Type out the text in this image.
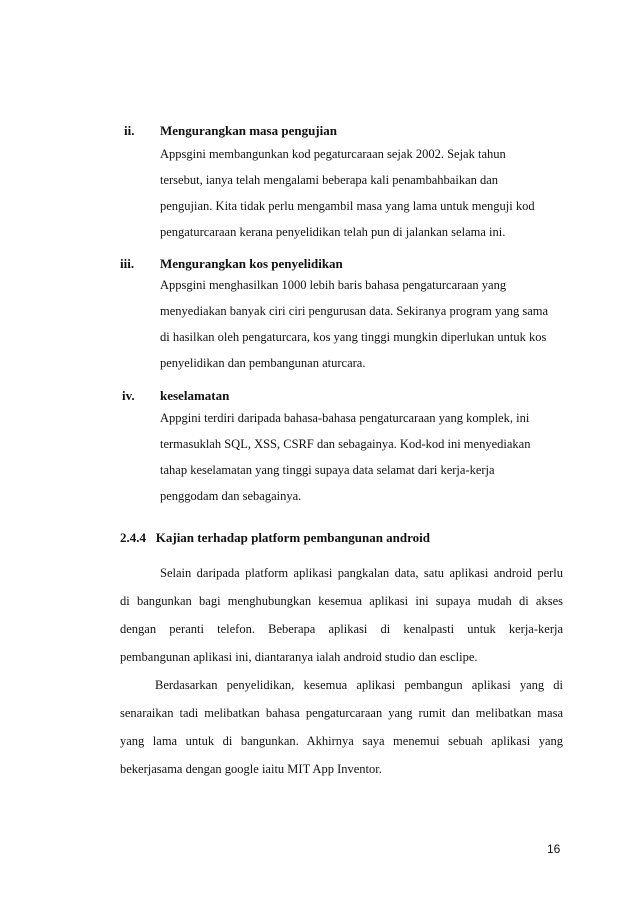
ii. Mengurangkan masa pengujian
Appsgini membangunkan kod pegaturcaraan sejak 2002. Sejak tahun
tersebut, ianya telah mengalami beberapa kali penambahbaikan dan
pengujian. Kita tidak perlu mengambil masa yang lama untuk menguji kod
pengaturcaraan kerana penyelidikan telah pun di jalankan selama ini.
iii. Mengurangkan kos penyelidikan
Appsgini menghasilkan 1000 lebih baris bahasa pengaturcaraan yang
menyediakan banyak ciri ciri pengurusan data. Sekiranya program yang sama
di hasilkan oleh pengaturcara, kos yang tinggi mungkin diperlukan untuk kos
penyelidikan dan pembangunan aturcara.
iv. keselamatan
Appgini terdiri daripada bahasa-bahasa pengaturcaraan yang komplek, ini
termasuklah SQL, XSS, CSRF dan sebagainya. Kod-kod ini menyediakan
tahap keselamatan yang tinggi supaya data selamat dari kerja-kerja
penggodam dan sebagainya.
2.4.4   Kajian terhadap platform pembangunan android
Selain daripada platform aplikasi pangkalan data, satu aplikasi android perlu
di bangunkan bagi menghubungkan kesemua aplikasi ini supaya mudah di akses
dengan peranti telefon. Beberapa aplikasi di kenalpasti untuk kerja-kerja
pembangunan aplikasi ini, diantaranya ialah android studio dan esclipe.
Berdasarkan penyelidikan, kesemua aplikasi pembangun aplikasi yang di
senaraikan tadi melibatkan bahasa pengaturcaraan yang rumit dan melibatkan masa
yang lama untuk di bangunkan. Akhirnya saya menemui sebuah aplikasi yang
bekerjasama dengan google iaitu MIT App Inventor.
16
